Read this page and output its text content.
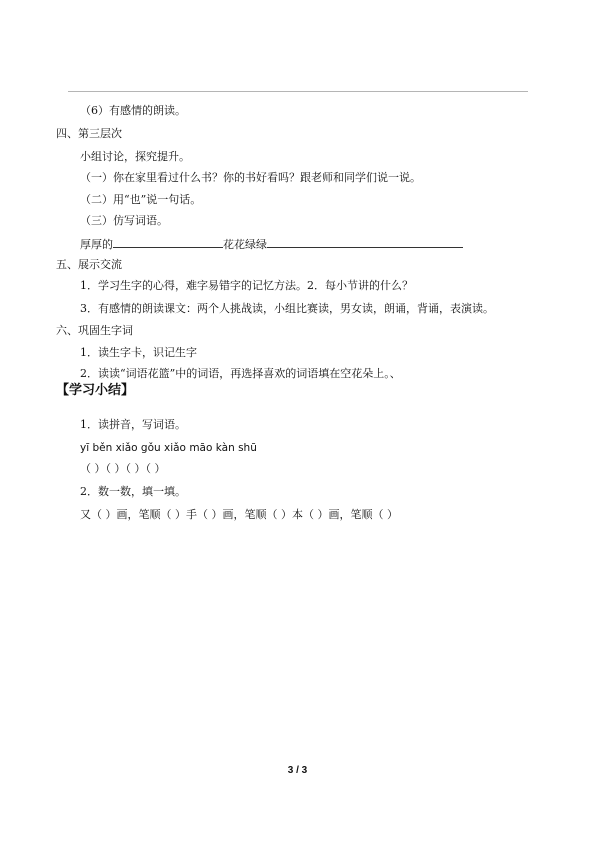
（6）有感情的朗读。
四、第三层次
小组讨论，探究提升。
（一）你在家里看过什么书？你的书好看吗？跟老师和同学们说一说。
（二）用“也”说一句话。
（三）仿写词语。
厚厚的	花花绿绿
五、展示交流
1．学习生字的心得，难字易错字的记忆方法。2．每小节讲的什么？
3．有感情的朗读课文：两个人挑战读，小组比赛读，男女读，朗诵，背诵，表演读。
六、巩固生字词
1．读生字卡，识记生字
2．读读“词语花篮”中的词语，再选择喜欢的词语填在空花朵上。、
【学习小结】
1．读拼音，写词语。
yī běn xiǎo gǒu xiǎo māo kàn shū
（ ）（ ）（ ）（ ）
2．数一数，填一填。
又（ ）画，笔顺（ ）手（ ）画，笔顺（ ）本（ ）画，笔顺（ ）
3 / 3
